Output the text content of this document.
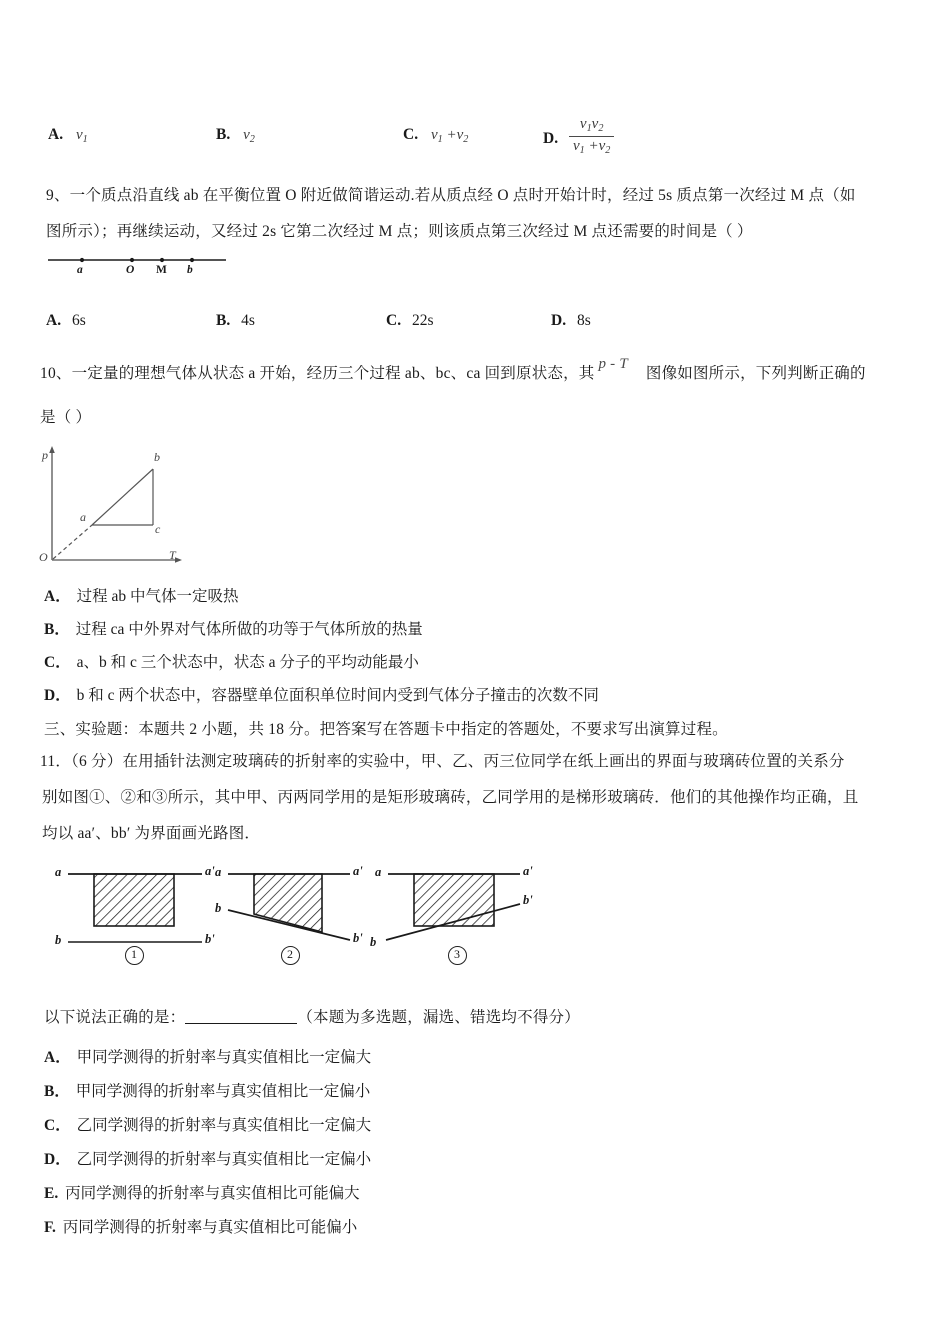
A. $v_1$	B. $v_2$	C. $v_1 +v_2$	D. $\frac{v_1v_2}{v_1 +v_2}$
9、一个质点沿直线 ab 在平衡位置 O 附近做简谐运动.若从质点经 O 点时开始计时，经过 5s 质点第一次经过 M 点（如
图所示）；再继续运动，又经过 2s 它第二次经过 M 点；则该质点第三次经过 M 点还需要的时间是（ ）
a	O M b
A. 6s	B. 4s	C. 22s	D. 8s
10、一定量的理想气体从状态 a 开始，经历三个过程 ab、bc、ca 回到原状态，其p - T图像如图所示，下列判断正确的
是（ ）
p
T
O
a
b
c
A． 过程 ab 中气体一定吸热
B． 过程 ca 中外界对气体所做的功等于气体所放的热量
C． a、b 和 c 三个状态中，状态 a 分子的平均动能最小
D． b 和 c 两个状态中，容器壁单位面积单位时间内受到气体分子撞击的次数不同
三、实验题：本题共 2 小题，共 18 分。把答案写在答题卡中指定的答题处，不要求写出演算过程。
11．（6 分）在用插针法测定玻璃砖的折射率的实验中，甲、乙、丙三位同学在纸上画出的界面与玻璃砖位置的关系分
别如图①、②和③所示，其中甲、丙两同学用的是矩形玻璃砖，乙同学用的是梯形玻璃砖．他们的其他操作均正确，且
均以 aa′、bb′ 为界面画光路图．
a	a'
b	b'
a	a'
b
b'
a	a'
b
b'
1	2	3
以下说法正确的是：	（本题为多选题，漏选、错选均不得分）
A． 甲同学测得的折射率与真实值相比一定偏大
B． 甲同学测得的折射率与真实值相比一定偏小
C． 乙同学测得的折射率与真实值相比一定偏大
D． 乙同学测得的折射率与真实值相比一定偏小
E. 丙同学测得的折射率与真实值相比可能偏大
F. 丙同学测得的折射率与真实值相比可能偏小
